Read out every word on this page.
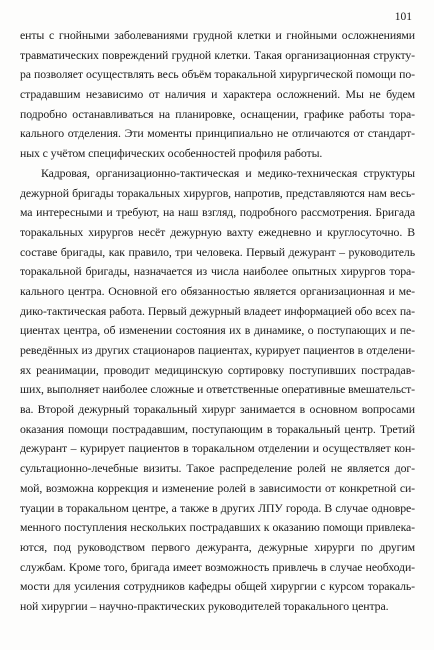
101
енты с гнойными заболеваниями грудной клетки и гнойными осложнениями
травматических повреждений грудной клетки. Такая организационная структу-
ра позволяет осуществлять весь объём торакальной хирургической помощи по-
страдавшим независимо от наличия и характера осложнений. Мы не будем
подробно останавливаться на планировке, оснащении, графике работы тора-
кального отделения. Эти моменты принципиально не отличаются от стандарт-
ных с учётом специфических особенностей профиля работы.
Кадровая, организационно-тактическая и медико-техническая структуры
дежурной бригады торакальных хирургов, напротив, представляются нам весь-
ма интересными и требуют, на наш взгляд, подробного рассмотрения. Бригада
торакальных хирургов несёт дежурную вахту ежедневно и круглосуточно. В
составе бригады, как правило, три человека. Первый дежурант – руководитель
торакальной бригады, назначается из числа наиболее опытных хирургов тора-
кального центра. Основной его обязанностью является организационная и ме-
дико-тактическая работа. Первый дежурный владеет информацией обо всех па-
циентах центра, об изменении состояния их в динамике, о поступающих и пе-
реведённых из других стационаров пациентах, курирует пациентов в отделени-
ях реанимации, проводит медицинскую сортировку поступивших пострадав-
ших, выполняет наиболее сложные и ответственные оперативные вмешательст-
ва. Второй дежурный торакальный хирург занимается в основном вопросами
оказания помощи пострадавшим, поступающим в торакальный центр. Третий
дежурант – курирует пациентов в торакальном отделении и осуществляет кон-
сультационно-лечебные визиты. Такое распределение ролей не является дог-
мой, возможна коррекция и изменение ролей в зависимости от конкретной си-
туации в торакальном центре, а также в других ЛПУ города. В случае одновре-
менного поступления нескольких пострадавших к оказанию помощи привлека-
ются, под руководством первого дежуранта, дежурные хирурги по другим
службам. Кроме того, бригада имеет возможность привлечь в случае необходи-
мости для усиления сотрудников кафедры общей хирургии с курсом торакаль-
ной хирургии – научно-практических руководителей торакального центра.
